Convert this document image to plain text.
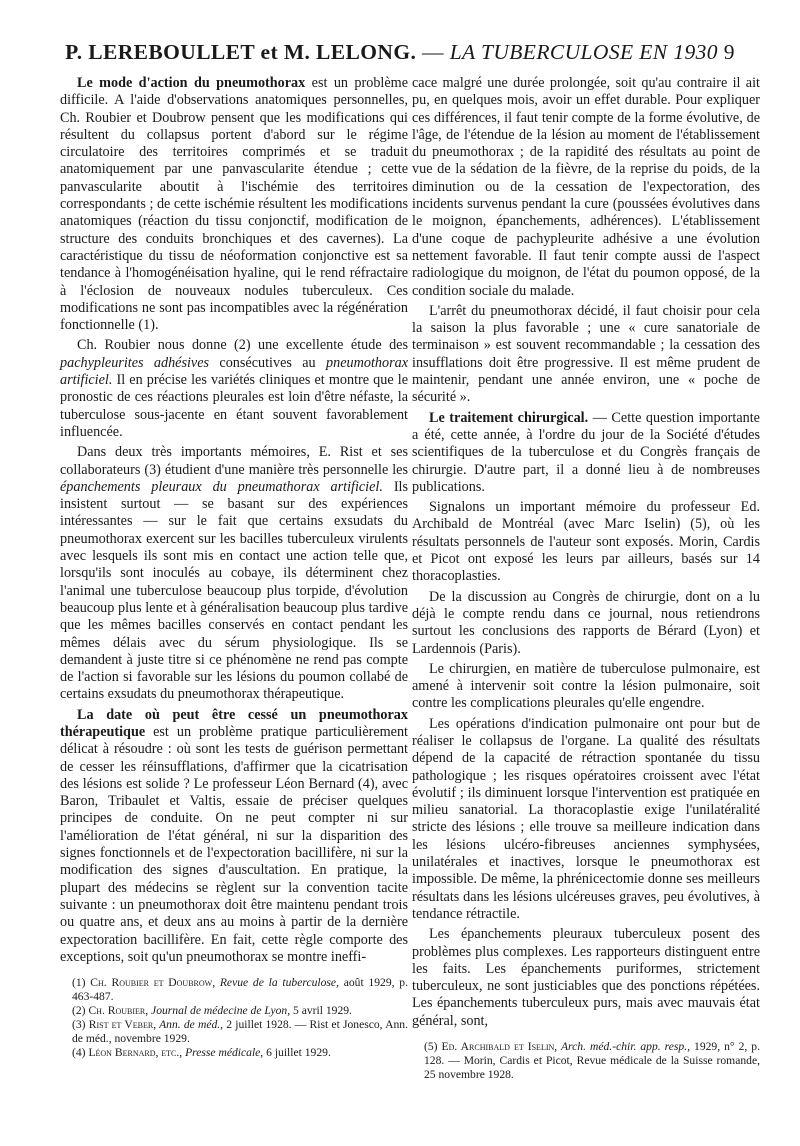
P. LEREBOULLET et M. LELONG. — LA TUBERCULOSE EN 1930 9

Le mode d'action du pneumothorax est un problème difficile. A l'aide d'observations anatomiques personnelles, Ch. Roubier et Doubrow pensent que les modifications qui résultent du collapsus portent d'abord sur le régime circulatoire des territoires comprimés et se traduit anatomiquement par une panvascularite étendue ; cette panvascularite aboutit à l'ischémie des territoires correspondants ; de cette ischémie résultent les modifications anatomiques (réaction du tissu conjonctif, modification de structure des conduits bronchiques et des cavernes). La caractéristique du tissu de néoformation conjonctive est sa tendance à l'homogénéisation hyaline, qui le rend réfractaire à l'éclosion de nouveaux nodules tuberculeux. Ces modifications ne sont pas incompatibles avec la régénération fonctionnelle (1).

Ch. Roubier nous donne (2) une excellente étude des pachypleurites adhésives consécutives au pneumothorax artificiel. Il en précise les variétés cliniques et montre que le pronostic de ces réactions pleurales est loin d'être néfaste, la tuberculose sous-jacente en étant souvent favorablement influencée.

Dans deux très importants mémoires, E. Rist et ses collaborateurs (3) étudient d'une manière très personnelle les épanchements pleuraux du pneumathorax artificiel. Ils insistent surtout — se basant sur des expériences intéressantes — sur le fait que certains exsudats du pneumothorax exercent sur les bacilles tuberculeux virulents avec lesquels ils sont mis en contact une action telle que, lorsqu'ils sont inoculés au cobaye, ils déterminent chez l'animal une tuberculose beaucoup plus torpide, d'évolution beaucoup plus lente et à généralisation beaucoup plus tardive que les mêmes bacilles conservés en contact pendant les mêmes délais avec du sérum physiologique. Ils se demandent à juste titre si ce phénomène ne rend pas compte de l'action si favorable sur les lésions du poumon collabé de certains exsudats du pneumothorax thérapeutique.

La date où peut être cessé un pneumothorax thérapeutique est un problème pratique particulièrement délicat à résoudre : où sont les tests de guérison permettant de cesser les réinsufflations, d'affirmer que la cicatrisation des lésions est solide ? Le professeur Léon Bernard (4), avec Baron, Tribaulet et Valtis, essaie de préciser quelques principes de conduite. On ne peut compter ni sur l'amélioration de l'état général, ni sur la disparition des signes fonctionnels et de l'expectoration bacillifère, ni sur la modification des signes d'auscultation. En pratique, la plupart des médecins se règlent sur la convention tacite suivante : un pneumothorax doit être maintenu pendant trois ou quatre ans, et deux ans au moins à partir de la dernière expectoration bacillifère. En fait, cette règle comporte des exceptions, soit qu'un pneumothorax se montre ineffi-

(1) Ch. Roubier et Doubrow, Revue de la tuberculose, août 1929, p. 463-487.
(2) Ch. Roubier, Journal de médecine de Lyon, 5 avril 1929.
(3) Rist et Veber, Ann. de méd., 2 juillet 1928. — Rist et Jonesco, Ann. de méd., novembre 1929.
(4) Léon Bernard, etc., Presse médicale, 6 juillet 1929.

cace malgré une durée prolongée, soit qu'au contraire il ait pu, en quelques mois, avoir un effet durable. Pour expliquer ces différences, il faut tenir compte de la forme évolutive, de l'âge, de l'étendue de la lésion au moment de l'établissement du pneumothorax ; de la rapidité des résultats au point de vue de la sédation de la fièvre, de la reprise du poids, de la diminution ou de la cessation de l'expectoration, des incidents survenus pendant la cure (poussées évolutives dans le moignon, épanchements, adhérences). L'établissement d'une coque de pachypleurite adhésive a une évolution nettement favorable. Il faut tenir compte aussi de l'aspect radiologique du moignon, de l'état du poumon opposé, de la condition sociale du malade.

L'arrêt du pneumothorax décidé, il faut choisir pour cela la saison la plus favorable ; une « cure sanatoriale de terminaison » est souvent recommandable ; la cessation des insufflations doit être progressive. Il est même prudent de maintenir, pendant une année environ, une « poche de sécurité ».

Le traitement chirurgical. — Cette question importante a été, cette année, à l'ordre du jour de la Société d'études scientifiques de la tuberculose et du Congrès français de chirurgie. D'autre part, il a donné lieu à de nombreuses publications.

Signalons un important mémoire du professeur Ed. Archibald de Montréal (avec Marc Iselin) (5), où les résultats personnels de l'auteur sont exposés. Morin, Cardis et Picot ont exposé les leurs par ailleurs, basés sur 14 thoracoplasties.

De la discussion au Congrès de chirurgie, dont on a lu déjà le compte rendu dans ce journal, nous retiendrons surtout les conclusions des rapports de Bérard (Lyon) et Lardennois (Paris).

Le chirurgien, en matière de tuberculose pulmonaire, est amené à intervenir soit contre la lésion pulmonaire, soit contre les complications pleurales qu'elle engendre.

Les opérations d'indication pulmonaire ont pour but de réaliser le collapsus de l'organe. La qualité des résultats dépend de la capacité de rétraction spontanée du tissu pathologique ; les risques opératoires croissent avec l'état évolutif ; ils diminuent lorsque l'intervention est pratiquée en milieu sanatorial. La thoracoplastie exige l'unilatéralité stricte des lésions ; elle trouve sa meilleure indication dans les lésions ulcéro-fibreuses anciennes symphysées, unilatérales et inactives, lorsque le pneumothorax est impossible. De même, la phrénicectomie donne ses meilleurs résultats dans les lésions ulcéreuses graves, peu évolutives, à tendance rétractile.

Les épanchements pleuraux tuberculeux posent des problèmes plus complexes. Les rapporteurs distinguent entre les faits. Les épanchements puriformes, strictement tuberculeux, ne sont justiciables que des ponctions répétées. Les épanchements tuberculeux purs, mais avec mauvais état général, sont,

(5) Ed. Archibald et Iselin, Arch. méd.-chir. app. resp., 1929, n° 2, p. 128. — Morin, Cardis et Picot, Revue médicale de la Suisse romande, 25 novembre 1928.
